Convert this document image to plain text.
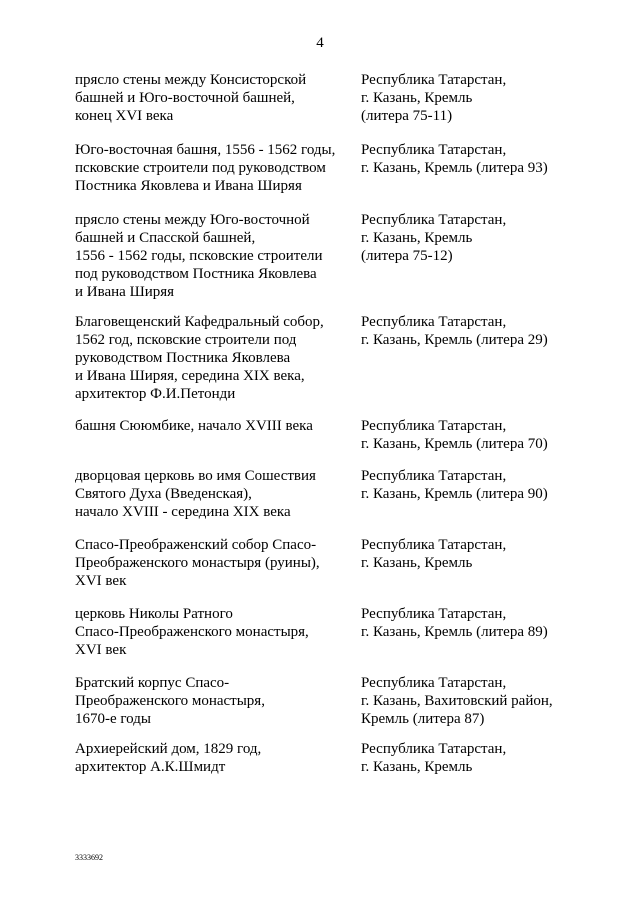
4
прясло стены между Консисторской
башней и Юго-восточной башней,
конец XVI века
Республика Татарстан,
г. Казань, Кремль
(литера 75-11)
Юго-восточная башня, 1556 - 1562 годы,
псковские строители под руководством
Постника Яковлева и Ивана Ширяя
Республика Татарстан,
г. Казань, Кремль (литера 93)
прясло стены между Юго-восточной
башней и Спасской башней,
1556 - 1562 годы, псковские строители
под руководством Постника Яковлева
и Ивана Ширяя
Республика Татарстан,
г. Казань, Кремль
(литера 75-12)
Благовещенский Кафедральный собор,
1562 год, псковские строители под
руководством Постника Яковлева
и Ивана Ширяя, середина XIX века,
архитектор Ф.И.Петонди
Республика Татарстан,
г. Казань, Кремль (литера 29)
башня Сююмбике, начало XVIII века	Республика Татарстан,
г. Казань, Кремль (литера 70)
дворцовая церковь во имя Сошествия
Святого Духа (Введенская),
начало XVIII - середина XIX века
Республика Татарстан,
г. Казань, Кремль (литера 90)
Спасо-Преображенский собор Спасо-
Преображенского монастыря (руины),
XVI век
Республика Татарстан,
г. Казань, Кремль
церковь Николы Ратного
Спасо-Преображенского монастыря,
XVI век
Республика Татарстан,
г. Казань, Кремль (литера 89)
Братский корпус Спасо-
Преображенского монастыря,
1670-е годы
Республика Татарстан,
г. Казань, Вахитовский район,
Кремль (литера 87)
Архиерейский дом, 1829 год,
архитектор А.К.Шмидт
Республика Татарстан,
г. Казань, Кремль
3333692
